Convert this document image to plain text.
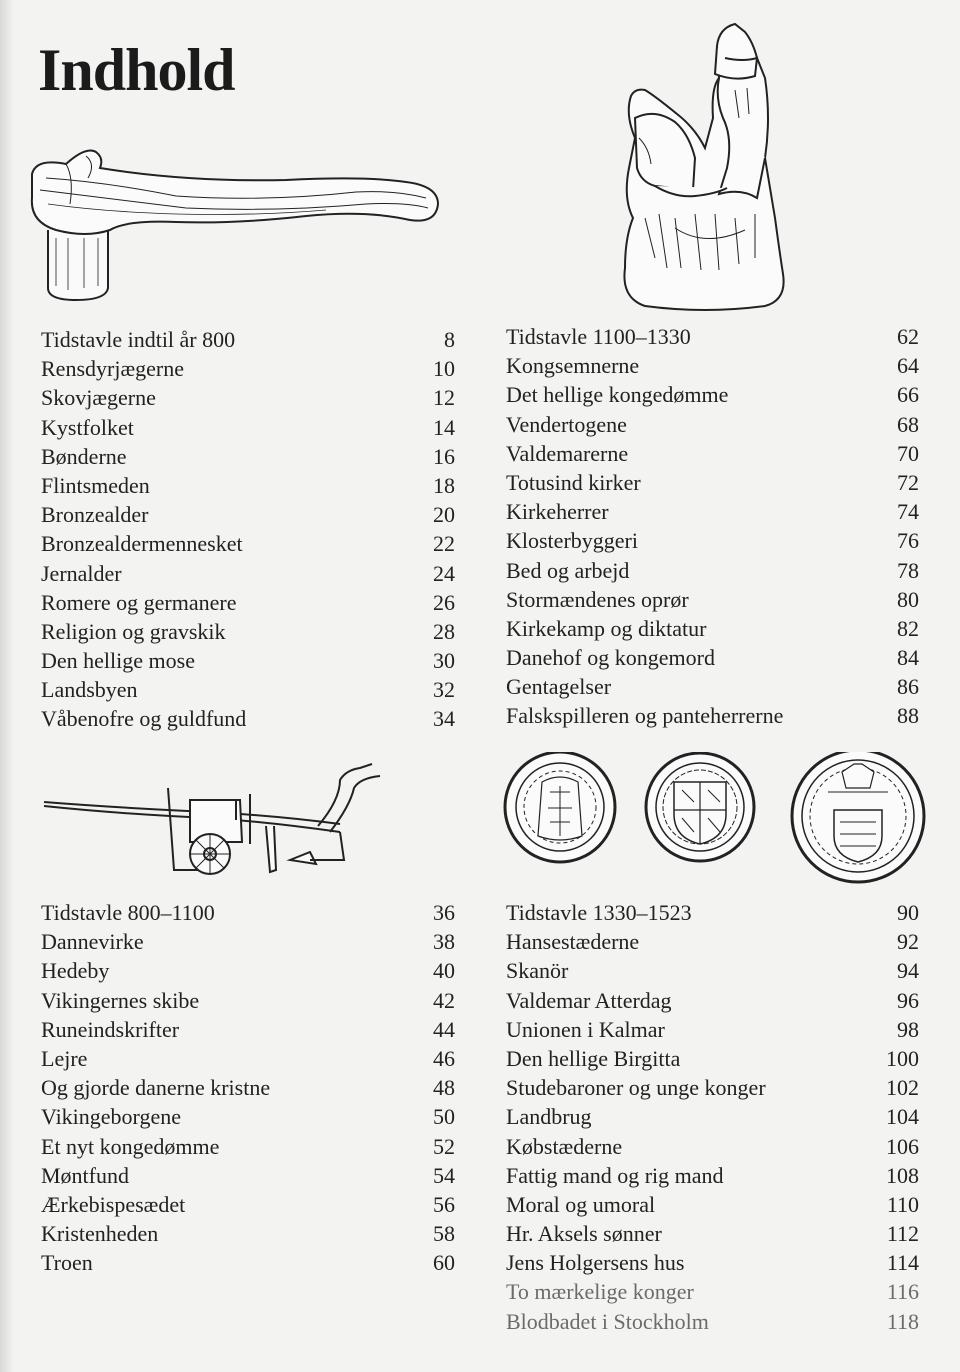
Indhold
Tidstavle indtil år 800	8
Rensdyrjægerne	10
Skovjægerne	12
Kystfolket	14
Bønderne	16
Flintsmeden	18
Bronzealder	20
Bronzealdermennesket	22
Jernalder	24
Romere og germanere	26
Religion og gravskik	28
Den hellige mose	30
Landsbyen	32
Våbenofre og guldfund	34
Tidstavle 1100–1330	62
Kongsemnerne	64
Det hellige kongedømme	66
Vendertogene	68
Valdemarerne	70
Totusind kirker	72
Kirkeherrer	74
Klosterbyggeri	76
Bed og arbejd	78
Stormændenes oprør	80
Kirkekamp og diktatur	82
Danehof og kongemord	84
Gentagelser	86
Falskspilleren og panteherrerne	88
Tidstavle 800–1100	36
Dannevirke	38
Hedeby	40
Vikingernes skibe	42
Runeindskrifter	44
Lejre	46
Og gjorde danerne kristne	48
Vikingeborgene	50
Et nyt kongedømme	52
Møntfund	54
Ærkebispesædet	56
Kristenheden	58
Troen	60
Tidstavle 1330–1523	90
Hansestæderne	92
Skanör	94
Valdemar Atterdag	96
Unionen i Kalmar	98
Den hellige Birgitta	100
Studebaroner og unge konger	102
Landbrug	104
Købstæderne	106
Fattig mand og rig mand	108
Moral og umoral	110
Hr. Aksels sønner	112
Jens Holgersens hus	114
To mærkelige konger	116
Blodbadet i Stockholm	118
